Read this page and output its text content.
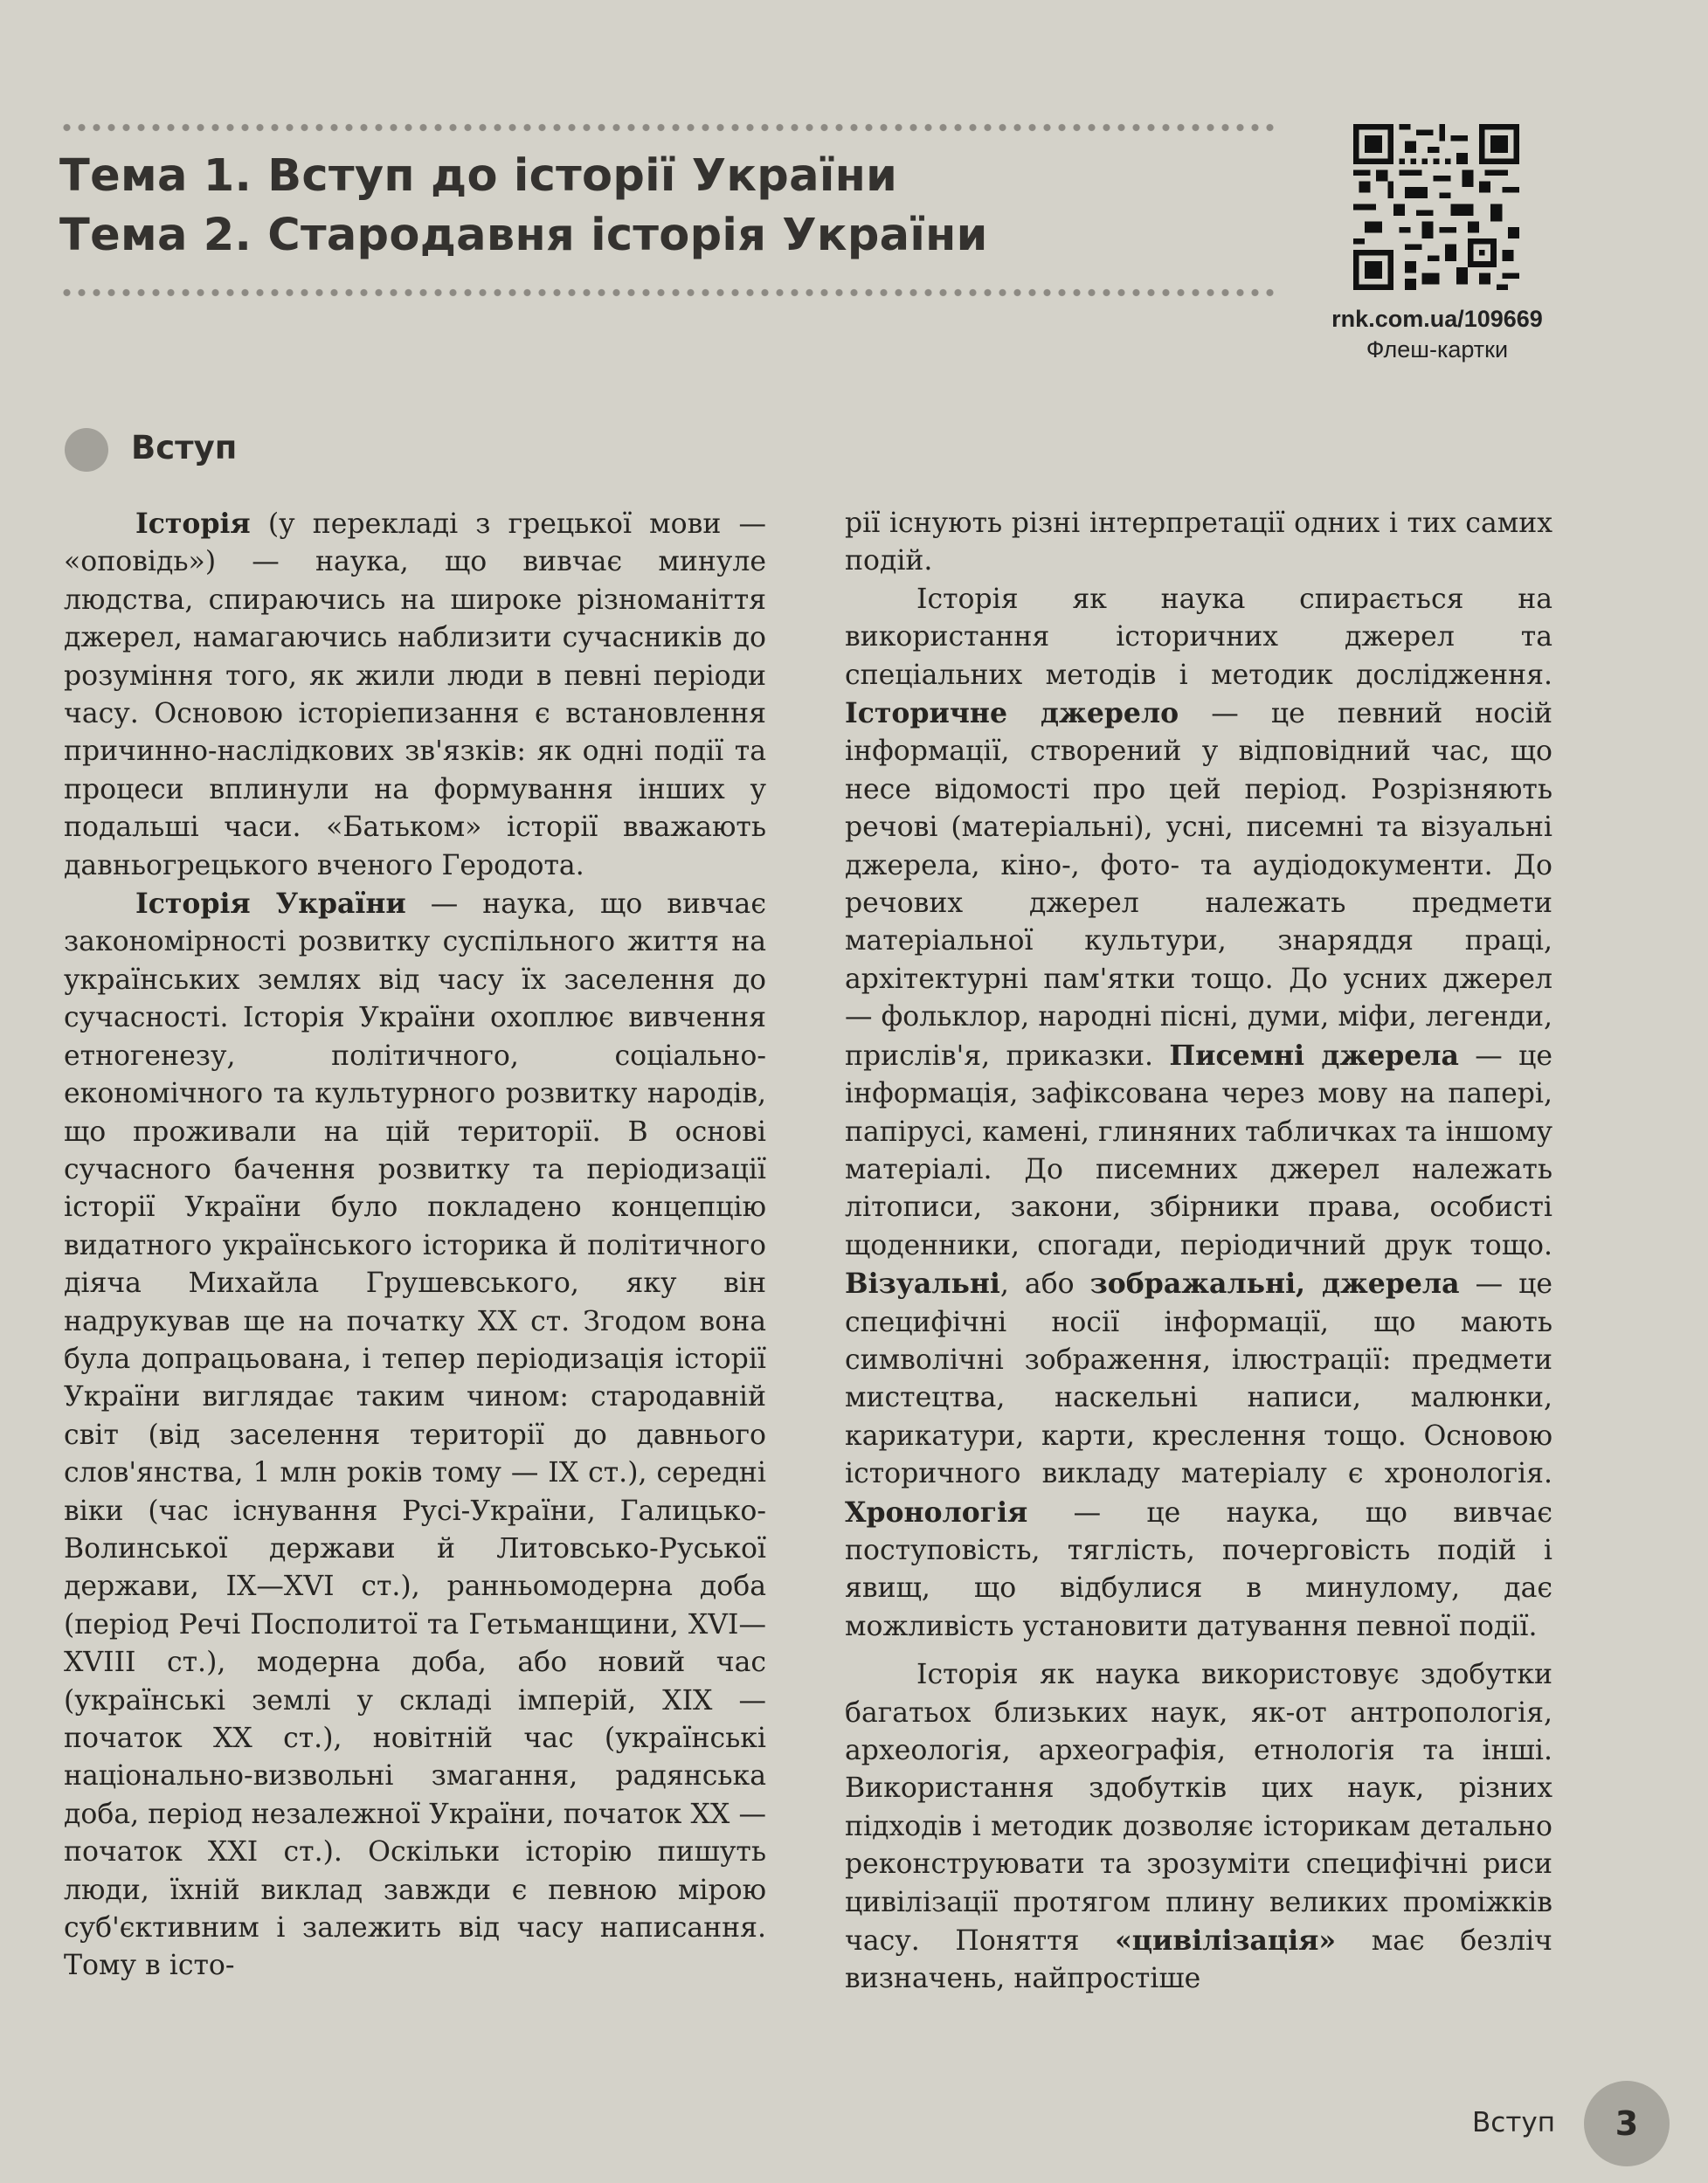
Тема 1. Вступ до історії України
Тема 2. Стародавня історія України
rnk.com.ua/109669
Флеш-картки
Вступ

Історія (у перекладі з грецької мови — «оповідь») — наука, що вивчає минуле людства, спираючись на широке різноманіття джерел, намагаючись наблизити сучасників до розуміння того, як жили люди в певні періоди часу. Основою історіепизання є встановлення причинно-наслідкових зв'язків: як одні події та процеси вплинули на формування інших у подальші часи. «Батьком» історії вважають давньогрецького вченого Геродота.

Історія України — наука, що вивчає закономірності розвитку суспільного життя на українських землях від часу їх заселення до сучасності. Історія України охоплює вивчення етногенезу, політичного, соціально-економічного та культурного розвитку народів, що проживали на цій території. В основі сучасного бачення розвитку та періодизації історії України було покладено концепцію видатного українського історика й політичного діяча Михайла Грушевського, яку він надрукував ще на початку XX ст. Згодом вона була допрацьована, і тепер періодизація історії України виглядає таким чином: стародавній світ (від заселення території до давнього слов'янства, 1 млн років тому — IX ст.), середні віки (час існування Русі-України, Галицько-Волинської держави й Литовсько-Руської держави, IX—XVI ст.), ранньомодерна доба (період Речі Посполитої та Гетьманщини, XVI—XVIII ст.), модерна доба, або новий час (українські землі у складі імперій, XIX — початок XX ст.), новітній час (українські національно-визвольні змагання, радянська доба, період незалежної України, початок XX — початок XXI ст.). Оскільки історію пишуть люди, їхній виклад завжди є певною мірою суб'єктивним і залежить від часу написання. Тому в істо-

рії існують різні інтерпретації одних і тих самих подій.

Історія як наука спирається на використання історичних джерел та спеціальних методів і методик дослідження. Історичне джерело — це певний носій інформації, створений у відповідний час, що несе відомості про цей період. Розрізняють речові (матеріальні), усні, писемні та візуальні джерела, кіно-, фото- та аудіодокументи. До речових джерел належать предмети матеріальної культури, знаряддя праці, архітектурні пам'ятки тощо. До усних джерел — фольклор, народні пісні, думи, міфи, легенди, прислів'я, приказки. Писемні джерела — це інформація, зафіксована через мову на папері, папірусі, камені, глиняних табличках та іншому матеріалі. До писемних джерел належать літописи, закони, збірники права, особисті щоденники, спогади, періодичний друк тощо. Візуальні, або зображальні, джерела — це специфічні носії інформації, що мають символічні зображення, ілюстрації: предмети мистецтва, наскельні написи, малюнки, карикатури, карти, креслення тощо. Основою історичного викладу матеріалу є хронологія. Хронологія — це наука, що вивчає поступовість, тяглість, почерговість подій і явищ, що відбулися в минулому, дає можливість установити датування певної події.

Історія як наука використовує здобутки багатьох близьких наук, як-от антропологія, археологія, археографія, етнологія та інші. Використання здобутків цих наук, різних підходів і методик дозволяє історикам детально реконструювати та зрозуміти специфічні риси цивілізації протягом плину великих проміжків часу. Поняття «цивілізація» має безліч визначень, найпростіше

Вступ	3
